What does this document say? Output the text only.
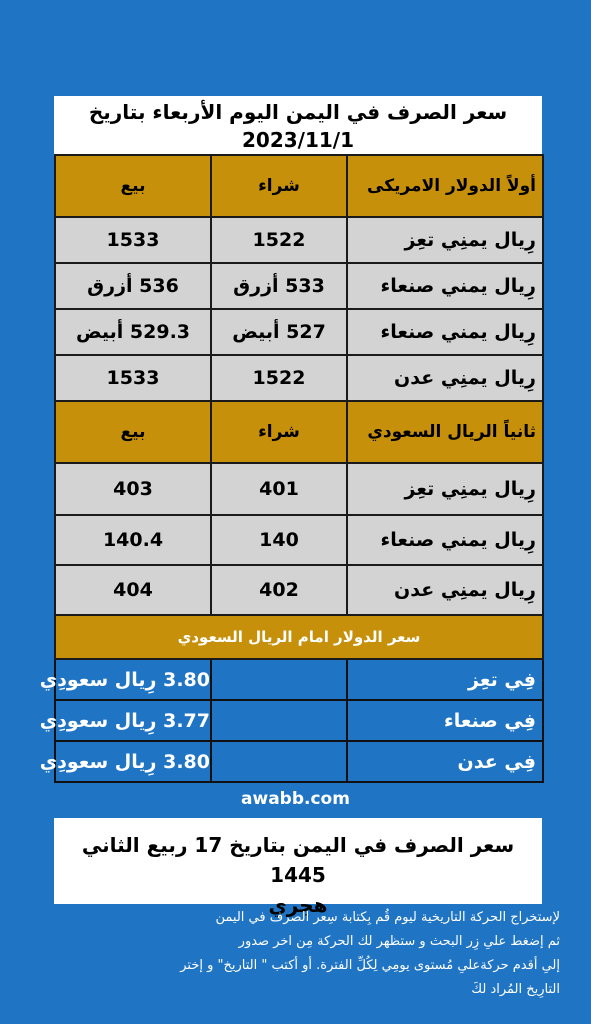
سعر الصرف في اليمن اليوم الأربعاء بتاريخ
2023/11/1
أولاً الدولار الامريكى	شراء	بيع
رِيال يمنِي تعِز	1522	1533
رِيال يمني صنعاء	533 أزرق	536 أزرق
رِيال يمني صنعاء	527 أبيض	529.3 أبيض
رِيال يمنِي عدن	1522	1533
ثانياً الريال السعودي	شراء	بيع
رِيال يمنِي تعِز	401	403
رِيال يمني صنعاء	140	140.4
رِيال يمنِي عدن	402	404
سعر الدولار امام الريال السعودي		
فِي تعِز		3.80 رِيال سعودِي
فِي صنعاء		3.77 رِيال سعودِي
فِي عدن		3.80 رِيال سعودِي
awabb.com
سعر الصرف في اليمن بتاريخ 17 ربيع الثاني 1445
هجري
لإستخراج الحركة التاريخية ليوم قُم بِكتابة سِعر الصرف في اليمن
ثم إضغط علىِ زِر البحث و ستظهر لك الحركة مِن اخر صدور
إلىِ أقدم حركةعلىِ مُستوى يومِي لِكُلِّ الفترة. أو أكتب " التاريخ" و إختر
التارِيخ المُراد لكَ
